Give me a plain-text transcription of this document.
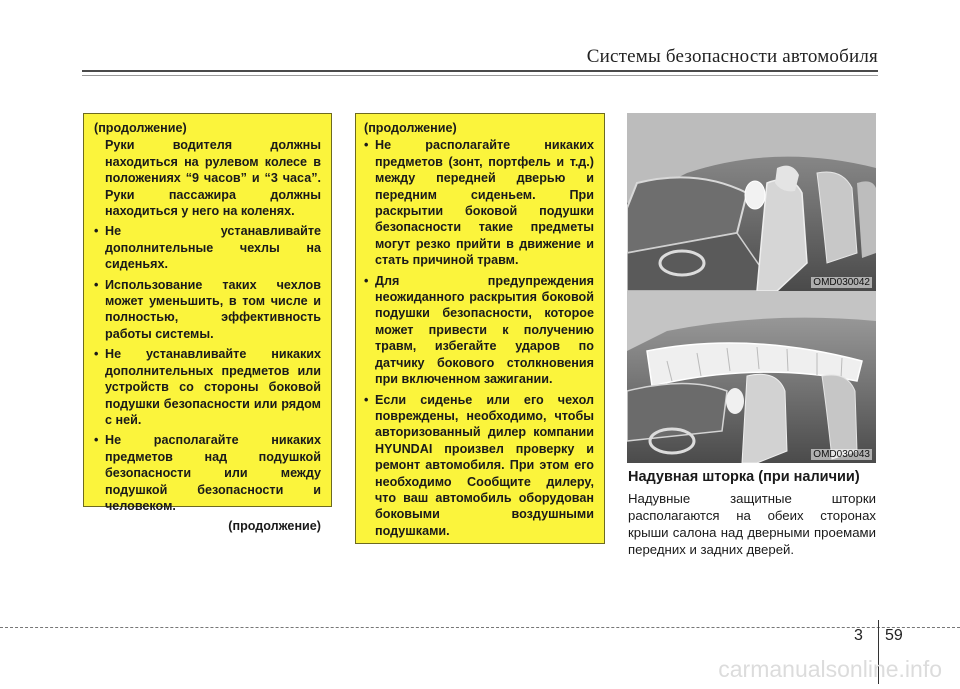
Системы безопасности автомобиля
(продолжение)
Руки водителя должны находиться на рулевом колесе в положениях “9 часов” и “3 часа”. Руки пассажира должны находиться у него на коленях.
• Не устанавливайте дополнительные чехлы на сиденьях.
• Использование таких чехлов может уменьшить, в том числе и полностью, эффективность работы системы.
• Не устанавливайте никаких дополнительных предметов или устройств со стороны боковой подушки безопасности или рядом с ней.
• Не располагайте никаких предметов над подушкой безопасности или между подушкой безопасности и человеком.
(продолжение)
(продолжение)
• Не располагайте никаких предметов (зонт, портфель и т.д.) между передней дверью и передним сиденьем. При раскрытии боковой подушки безопасности такие предметы могут резко прийти в движение и стать причиной травм.
• Для предупреждения неожиданного раскрытия боковой подушки безопасности, которое может привести к получению травм, избегайте ударов по датчику бокового столкновения при включенном зажигании.
• Если сиденье или его чехол повреждены, необходимо, чтобы авторизованный дилер компании HYUNDAI произвел проверку и ремонт автомобиля. При этом его необходимо Сообщите дилеру, что ваш автомобиль оборудован боковыми воздушными подушками.
OMD030042
OMD030043
Надувная шторка (при наличии)
Надувные защитные шторки располагаются на обеих сторонах крыши салона над дверными проемами передних и задних дверей.
3 59
carmanualsonline.info
